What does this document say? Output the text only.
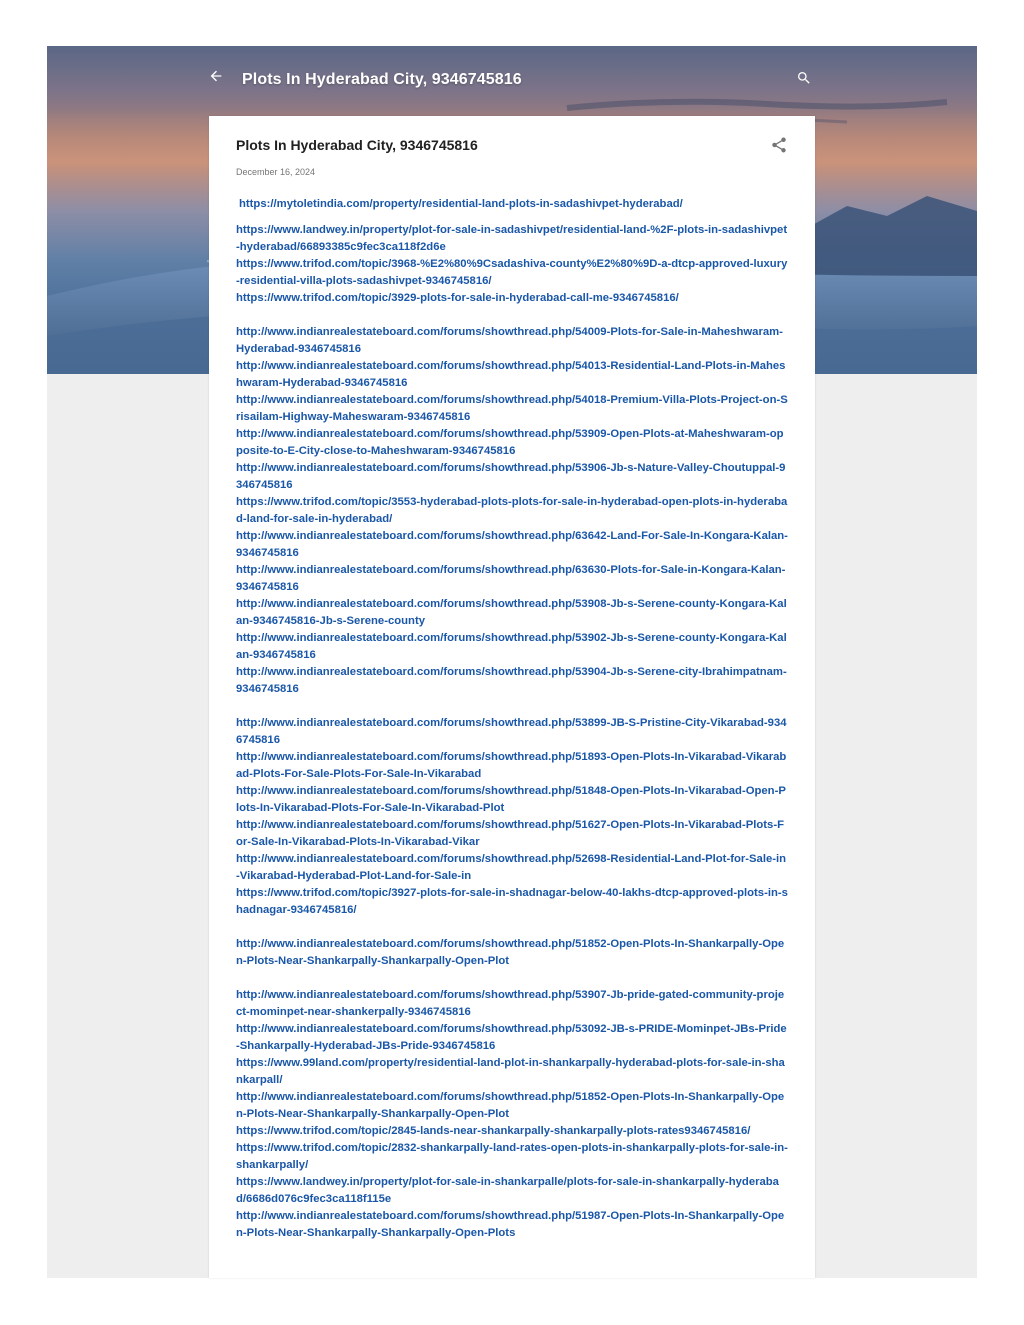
Plots In Hyderabad City, 9346745816
Plots In Hyderabad City, 9346745816
December 16, 2024
https://mytoletindia.com/property/residential-land-plots-in-sadashivpet-hyderabad/
https://www.landwey.in/property/plot-for-sale-in-sadashivpet/residential-land-%2F-plots-in-sadashivpet-hyderabad/66893385c9fec3ca118f2d6e
https://www.trifod.com/topic/3968-%E2%80%9Csadashiva-county%E2%80%9D-a-dtcp-approved-luxury-residential-villa-plots-sadashivpet-9346745816/
https://www.trifod.com/topic/3929-plots-for-sale-in-hyderabad-call-me-9346745816/
http://www.indianrealestateboard.com/forums/showthread.php/54009-Plots-for-Sale-in-Maheshwaram-Hyderabad-9346745816
http://www.indianrealestateboard.com/forums/showthread.php/54013-Residential-Land-Plots-in-Maheshwaram-Hyderabad-9346745816
http://www.indianrealestateboard.com/forums/showthread.php/54018-Premium-Villa-Plots-Project-on-Srisailam-Highway-Maheswaram-9346745816
http://www.indianrealestateboard.com/forums/showthread.php/53909-Open-Plots-at-Maheshwaram-opposite-to-E-City-close-to-Maheshwaram-9346745816
http://www.indianrealestateboard.com/forums/showthread.php/53906-Jb-s-Nature-Valley-Choutuppal-9346745816
https://www.trifod.com/topic/3553-hyderabad-plots-plots-for-sale-in-hyderabad-open-plots-in-hyderabad-land-for-sale-in-hyderabad/
http://www.indianrealestateboard.com/forums/showthread.php/63642-Land-For-Sale-In-Kongara-Kalan-9346745816
http://www.indianrealestateboard.com/forums/showthread.php/63630-Plots-for-Sale-in-Kongara-Kalan-9346745816
http://www.indianrealestateboard.com/forums/showthread.php/53908-Jb-s-Serene-county-Kongara-Kalan-9346745816-Jb-s-Serene-county
http://www.indianrealestateboard.com/forums/showthread.php/53902-Jb-s-Serene-county-Kongara-Kalan-9346745816
http://www.indianrealestateboard.com/forums/showthread.php/53904-Jb-s-Serene-city-Ibrahimpatnam-9346745816
http://www.indianrealestateboard.com/forums/showthread.php/53899-JB-S-Pristine-City-Vikarabad-9346745816
http://www.indianrealestateboard.com/forums/showthread.php/51893-Open-Plots-In-Vikarabad-Vikarabad-Plots-For-Sale-Plots-For-Sale-In-Vikarabad
http://www.indianrealestateboard.com/forums/showthread.php/51848-Open-Plots-In-Vikarabad-Open-Plots-In-Vikarabad-Plots-For-Sale-In-Vikarabad-Plot
http://www.indianrealestateboard.com/forums/showthread.php/51627-Open-Plots-In-Vikarabad-Plots-For-Sale-In-Vikarabad-Plots-In-Vikarabad-Vikar
http://www.indianrealestateboard.com/forums/showthread.php/52698-Residential-Land-Plot-for-Sale-in-Vikarabad-Hyderabad-Plot-Land-for-Sale-in
https://www.trifod.com/topic/3927-plots-for-sale-in-shadnagar-below-40-lakhs-dtcp-approved-plots-in-shadnagar-9346745816/
http://www.indianrealestateboard.com/forums/showthread.php/51852-Open-Plots-In-Shankarpally-Open-Plots-Near-Shankarpally-Shankarpally-Open-Plot
http://www.indianrealestateboard.com/forums/showthread.php/53907-Jb-pride-gated-community-project-mominpet-near-shankerpally-9346745816
http://www.indianrealestateboard.com/forums/showthread.php/53092-JB-s-PRIDE-Mominpet-JBs-Pride-Shankarpally-Hyderabad-JBs-Pride-9346745816
https://www.99land.com/property/residential-land-plot-in-shankarpally-hyderabad-plots-for-sale-in-shankarpall/
http://www.indianrealestateboard.com/forums/showthread.php/51852-Open-Plots-In-Shankarpally-Open-Plots-Near-Shankarpally-Shankarpally-Open-Plot
https://www.trifod.com/topic/2845-lands-near-shankarpally-shankarpally-plots-rates9346745816/
https://www.trifod.com/topic/2832-shankarpally-land-rates-open-plots-in-shankarpally-plots-for-sale-in-shankarpally/
https://www.landwey.in/property/plot-for-sale-in-shankarpalle/plots-for-sale-in-shankarpally-hyderabad/6686d076c9fec3ca118f115e
http://www.indianrealestateboard.com/forums/showthread.php/51987-Open-Plots-In-Shankarpally-Open-Plots-Near-Shankarpally-Shankarpally-Open-Plots
